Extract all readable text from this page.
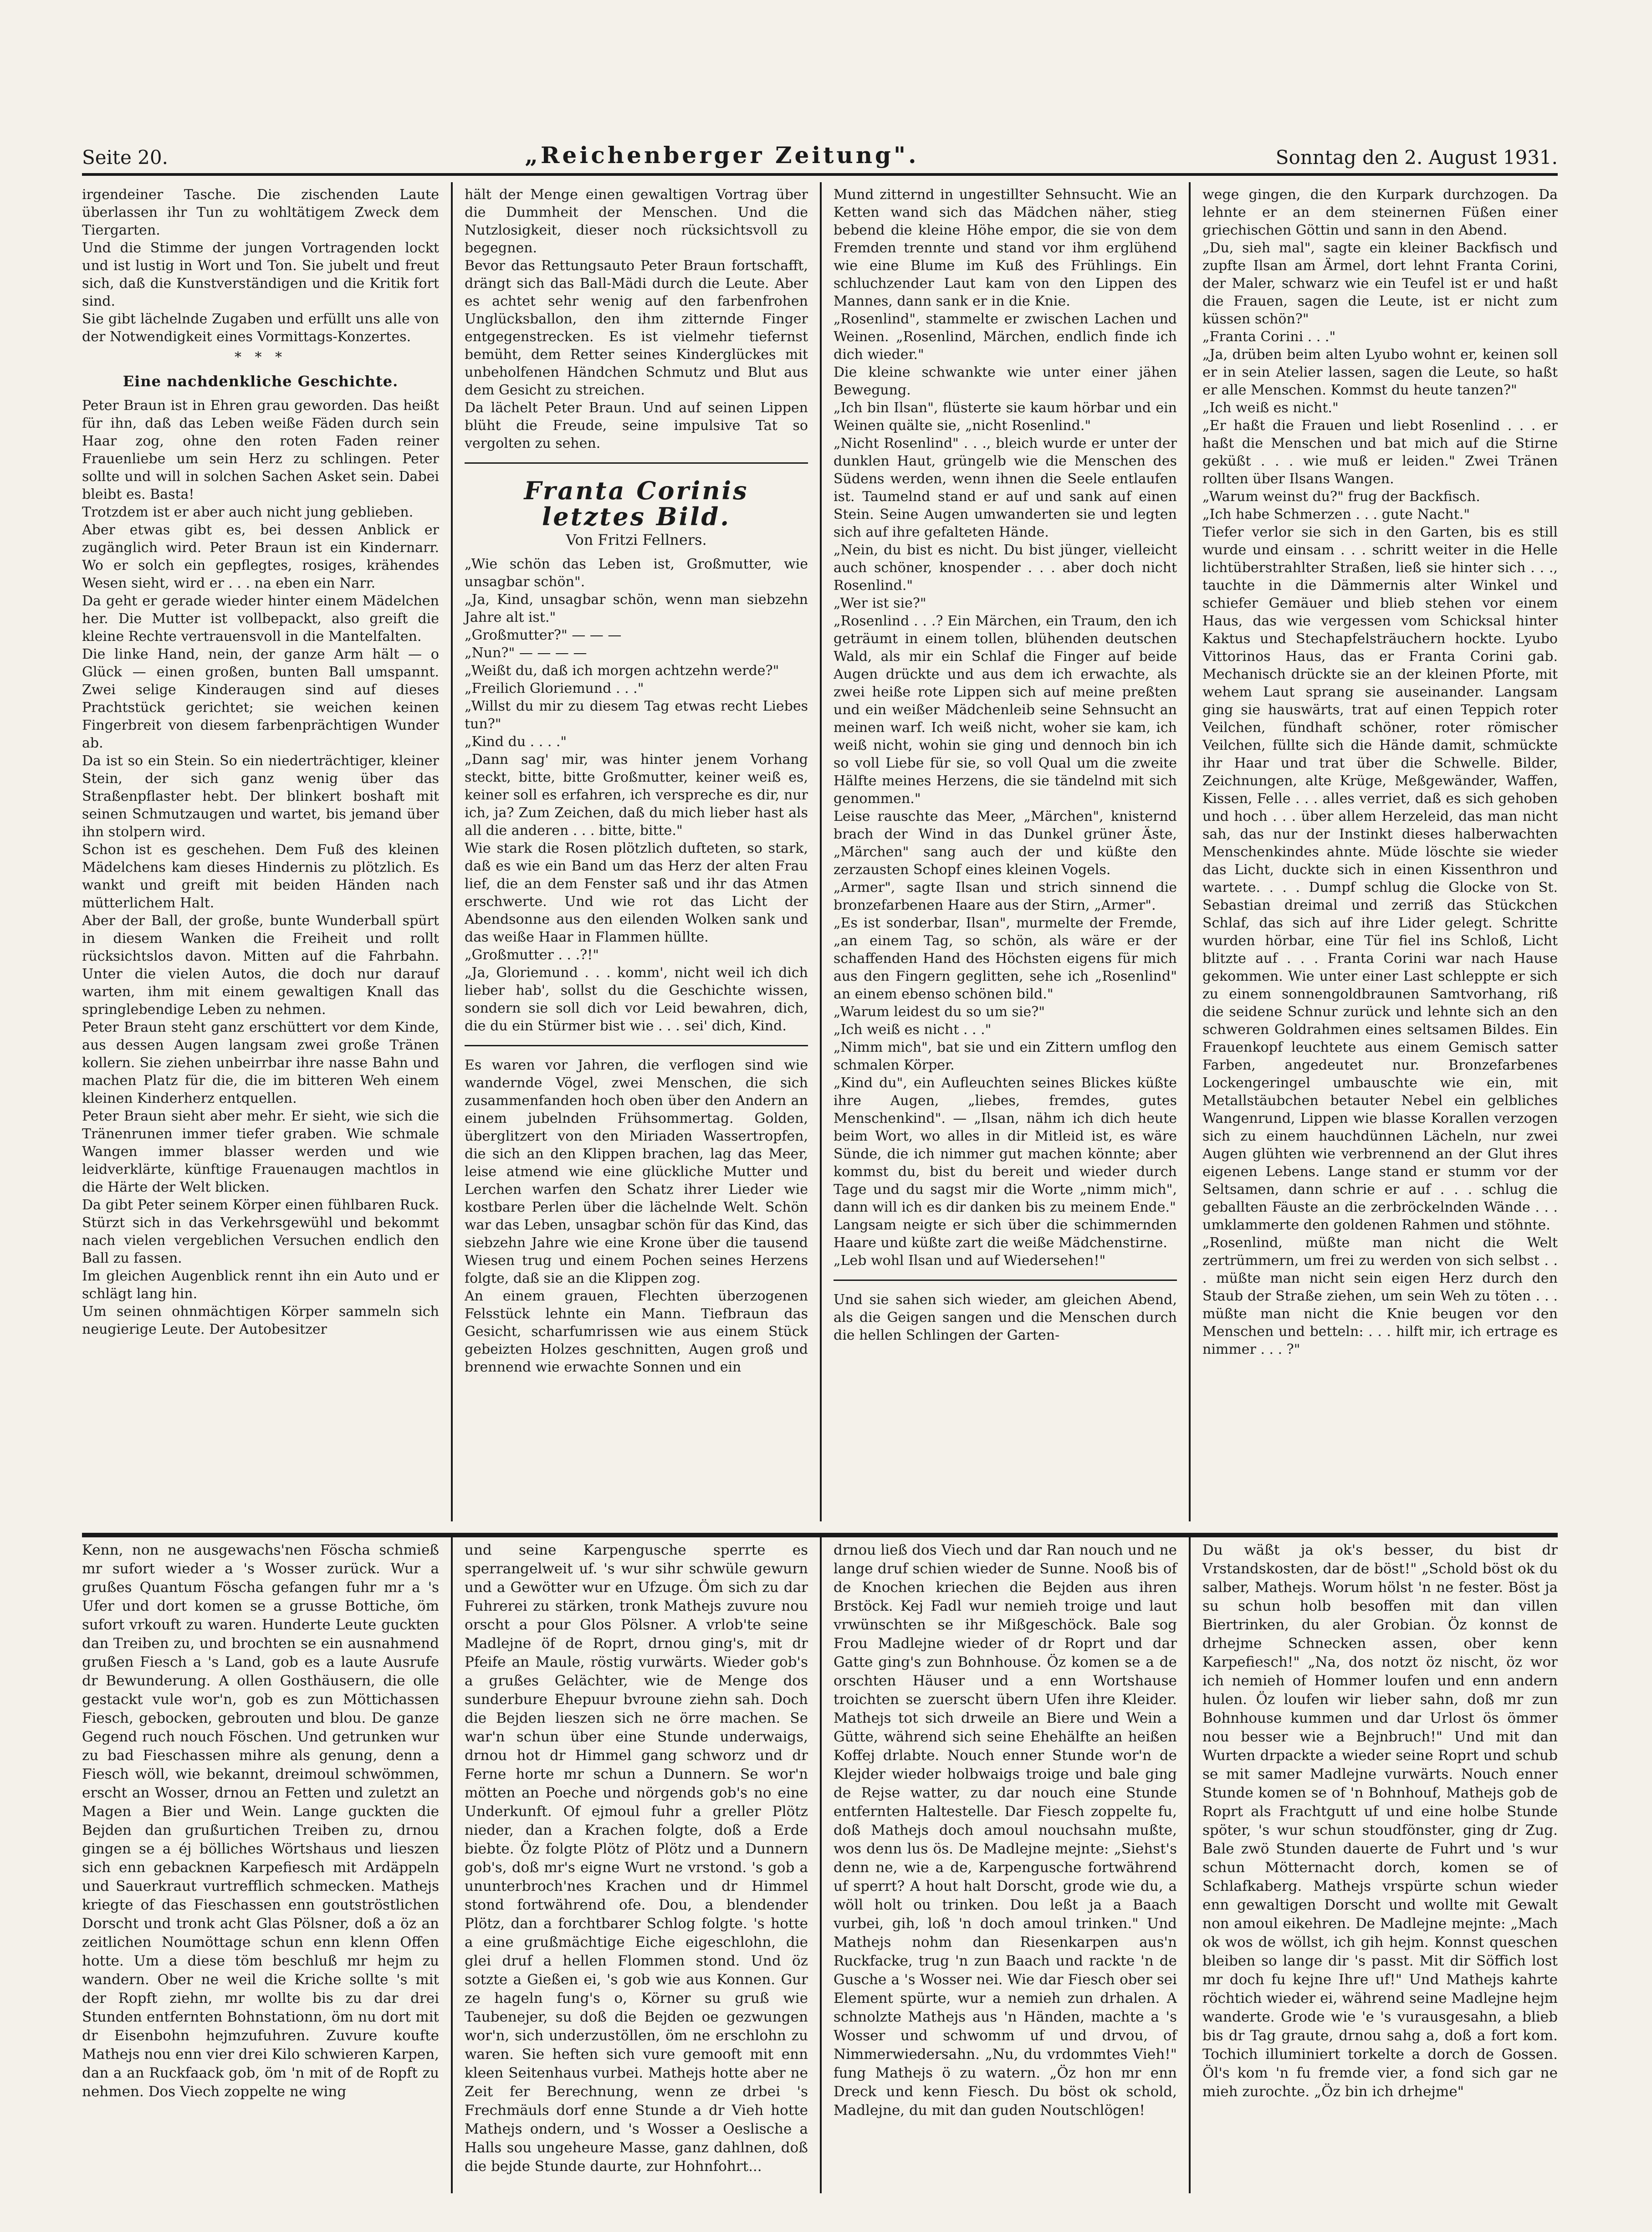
Seite 20.	„Reichenberger Zeitung".	Sonntag den 2. August 1931.

irgendeiner Tasche. Die zischenden Laute überlassen ihr Tun zu wohltätigem Zweck dem Tiergarten.

Und die Stimme der jungen Vortragenden lockt und ist lustig in Wort und Ton. Sie jubelt und freut sich, daß die Kunstverständigen und die Kritik fort sind.

Sie gibt lächelnde Zugaben und erfüllt uns alle von der Notwendigkeit eines Vormittags-Konzertes.

* * *
Eine nachdenkliche Geschichte.

Peter Braun ist in Ehren grau geworden. Das heißt für ihn, daß das Leben weiße Fäden durch sein Haar zog, ohne den roten Faden reiner Frauenliebe um sein Herz zu schlingen. Peter sollte und will in solchen Sachen Asket sein. Dabei bleibt es. Basta!

Trotzdem ist er aber auch nicht jung geblieben.

Aber etwas gibt es, bei dessen Anblick er zugänglich wird. Peter Braun ist ein Kindernarr. Wo er solch ein gepflegtes, rosiges, krähendes Wesen sieht, wird er . . . na eben ein Narr.

Da geht er gerade wieder hinter einem Mädelchen her. Die Mutter ist vollbepackt, also greift die kleine Rechte vertrauensvoll in die Mantelfalten.

Die linke Hand, nein, der ganze Arm hält — o Glück — einen großen, bunten Ball umspannt. Zwei selige Kinderaugen sind auf dieses Prachtstück gerichtet; sie weichen keinen Fingerbreit von diesem farbenprächtigen Wunder ab.

Da ist so ein Stein. So ein niederträchtiger, kleiner Stein, der sich ganz wenig über das Straßenpflaster hebt. Der blinkert boshaft mit seinen Schmutzaugen und wartet, bis jemand über ihn stolpern wird.

Schon ist es geschehen. Dem Fuß des kleinen Mädelchens kam dieses Hindernis zu plötzlich. Es wankt und greift mit beiden Händen nach mütterlichem Halt.

Aber der Ball, der große, bunte Wunderball spürt in diesem Wanken die Freiheit und rollt rücksichtslos davon. Mitten auf die Fahrbahn. Unter die vielen Autos, die doch nur darauf warten, ihm mit einem gewaltigen Knall das springlebendige Leben zu nehmen.

Peter Braun steht ganz erschüttert vor dem Kinde, aus dessen Augen langsam zwei große Tränen kollern. Sie ziehen unbeirrbar ihre nasse Bahn und machen Platz für die, die im bitteren Weh einem kleinen Kinderherz entquellen.

Peter Braun sieht aber mehr. Er sieht, wie sich die Tränenrunen immer tiefer graben. Wie schmale Wangen immer blasser werden und wie leidverklärte, künftige Frauenaugen machtlos in die Härte der Welt blicken.

Da gibt Peter seinem Körper einen fühlbaren Ruck. Stürzt sich in das Verkehrsgewühl und bekommt nach vielen vergeblichen Versuchen endlich den Ball zu fassen.

Im gleichen Augenblick rennt ihn ein Auto und er schlägt lang hin.

Um seinen ohnmächtigen Körper sammeln sich neugierige Leute. Der Autobesitzer

hält der Menge einen gewaltigen Vortrag über die Dummheit der Menschen. Und die Nutzlosigkeit, dieser noch rücksichtsvoll zu begegnen.

Bevor das Rettungsauto Peter Braun fortschafft, drängt sich das Ball-Mädi durch die Leute. Aber es achtet sehr wenig auf den farbenfrohen Unglücksballon, den ihm zitternde Finger entgegenstrecken. Es ist vielmehr tiefernst bemüht, dem Retter seines Kinderglückes mit unbeholfenen Händchen Schmutz und Blut aus dem Gesicht zu streichen.

Da lächelt Peter Braun. Und auf seinen Lippen blüht die Freude, seine impulsive Tat so vergolten zu sehen.

Franta Corinis
letztes Bild.
Von Fritzi Fellners.

„Wie schön das Leben ist, Großmutter, wie unsagbar schön".

„Ja, Kind, unsagbar schön, wenn man siebzehn Jahre alt ist."

„Großmutter?" — — —

„Nun?" — — — —

„Weißt du, daß ich morgen achtzehn werde?"

„Freilich Gloriemund . . ."

„Willst du mir zu diesem Tag etwas recht Liebes tun?"

„Kind du . . . ."

„Dann sag' mir, was hinter jenem Vorhang steckt, bitte, bitte Großmutter, keiner weiß es, keiner soll es erfahren, ich verspreche es dir, nur ich, ja? Zum Zeichen, daß du mich lieber hast als all die anderen . . . bitte, bitte."

Wie stark die Rosen plötzlich dufteten, so stark, daß es wie ein Band um das Herz der alten Frau lief, die an dem Fenster saß und ihr das Atmen erschwerte. Und wie rot das Licht der Abendsonne aus den eilenden Wolken sank und das weiße Haar in Flammen hüllte.

„Großmutter . . .?!"

„Ja, Gloriemund . . . komm', nicht weil ich dich lieber hab', sollst du die Geschichte wissen, sondern sie soll dich vor Leid bewahren, dich, die du ein Stürmer bist wie . . . sei' dich, Kind.

Es waren vor Jahren, die verflogen sind wie wandernde Vögel, zwei Menschen, die sich zusammenfanden hoch oben über den Andern an einem jubelnden Frühsommertag. Golden, überglitzert von den Miriaden Wassertropfen, die sich an den Klippen brachen, lag das Meer, leise atmend wie eine glückliche Mutter und Lerchen warfen den Schatz ihrer Lieder wie kostbare Perlen über die lächelnde Welt. Schön war das Leben, unsagbar schön für das Kind, das siebzehn Jahre wie eine Krone über die tausend Wiesen trug und einem Pochen seines Herzens folgte, daß sie an die Klippen zog.

An einem grauen, Flechten überzogenen Felsstück lehnte ein Mann. Tiefbraun das Gesicht, scharfumrissen wie aus einem Stück gebeizten Holzes geschnitten, Augen groß und brennend wie erwachte Sonnen und ein

Mund zitternd in ungestillter Sehnsucht. Wie an Ketten wand sich das Mädchen näher, stieg bebend die kleine Höhe empor, die sie von dem Fremden trennte und stand vor ihm erglühend wie eine Blume im Kuß des Frühlings. Ein schluchzender Laut kam von den Lippen des Mannes, dann sank er in die Knie.

„Rosenlind", stammelte er zwischen Lachen und Weinen. „Rosenlind, Märchen, endlich finde ich dich wieder."

Die kleine schwankte wie unter einer jähen Bewegung.

„Ich bin Ilsan", flüsterte sie kaum hörbar und ein Weinen quälte sie, „nicht Rosenlind."

„Nicht Rosenlind" . . ., bleich wurde er unter der dunklen Haut, grüngelb wie die Menschen des Südens werden, wenn ihnen die Seele entlaufen ist. Taumelnd stand er auf und sank auf einen Stein. Seine Augen umwanderten sie und legten sich auf ihre gefalteten Hände.

„Nein, du bist es nicht. Du bist jünger, vielleicht auch schöner, knospender . . . aber doch nicht Rosenlind."

„Wer ist sie?"

„Rosenlind . . .? Ein Märchen, ein Traum, den ich geträumt in einem tollen, blühenden deutschen Wald, als mir ein Schlaf die Finger auf beide Augen drückte und aus dem ich erwachte, als zwei heiße rote Lippen sich auf meine preßten und ein weißer Mädchenleib seine Sehnsucht an meinen warf. Ich weiß nicht, woher sie kam, ich weiß nicht, wohin sie ging und dennoch bin ich so voll Liebe für sie, so voll Qual um die zweite Hälfte meines Herzens, die sie tändelnd mit sich genommen."

Leise rauschte das Meer, „Märchen", knisternd brach der Wind in das Dunkel grüner Äste, „Märchen" sang auch der und küßte den zerzausten Schopf eines kleinen Vogels.

„Armer", sagte Ilsan und strich sinnend die bronzefarbenen Haare aus der Stirn, „Armer".

„Es ist sonderbar, Ilsan", murmelte der Fremde, „an einem Tag, so schön, als wäre er der schaffenden Hand des Höchsten eigens für mich aus den Fingern geglitten, sehe ich „Rosenlind" an einem ebenso schönen bild."

„Warum leidest du so um sie?"

„Ich weiß es nicht . . ."

„Nimm mich", bat sie und ein Zittern umflog den schmalen Körper.

„Kind du", ein Aufleuchten seines Blickes küßte ihre Augen, „liebes, fremdes, gutes Menschenkind". — „Ilsan, nähm ich dich heute beim Wort, wo alles in dir Mitleid ist, es wäre Sünde, die ich nimmer gut machen könnte; aber kommst du, bist du bereit und wieder durch Tage und du sagst mir die Worte „nimm mich", dann will ich es dir danken bis zu meinem Ende."

Langsam neigte er sich über die schimmernden Haare und küßte zart die weiße Mädchenstirne.

„Leb wohl Ilsan und auf Wiedersehen!"

Und sie sahen sich wieder, am gleichen Abend, als die Geigen sangen und die Menschen durch die hellen Schlingen der Garten-

wege gingen, die den Kurpark durchzogen. Da lehnte er an dem steinernen Füßen einer griechischen Göttin und sann in den Abend.

„Du, sieh mal", sagte ein kleiner Backfisch und zupfte Ilsan am Ärmel, dort lehnt Franta Corini, der Maler, schwarz wie ein Teufel ist er und haßt die Frauen, sagen die Leute, ist er nicht zum küssen schön?"

„Franta Corini . . ."

„Ja, drüben beim alten Lyubo wohnt er, keinen soll er in sein Atelier lassen, sagen die Leute, so haßt er alle Menschen. Kommst du heute tanzen?"

„Ich weiß es nicht."

„Er haßt die Frauen und liebt Rosenlind . . . er haßt die Menschen und bat mich auf die Stirne geküßt . . . wie muß er leiden." Zwei Tränen rollten über Ilsans Wangen.

„Warum weinst du?" frug der Backfisch.

„Ich habe Schmerzen . . . gute Nacht."

Tiefer verlor sie sich in den Garten, bis es still wurde und einsam . . . schritt weiter in die Helle lichtüberstrahlter Straßen, ließ sie hinter sich . . ., tauchte in die Dämmernis alter Winkel und schiefer Gemäuer und blieb stehen vor einem Haus, das wie vergessen vom Schicksal hinter Kaktus und Stechapfelsträuchern hockte. Lyubo Vittorinos Haus, das er Franta Corini gab. Mechanisch drückte sie an der kleinen Pforte, mit wehem Laut sprang sie auseinander. Langsam ging sie hauswärts, trat auf einen Teppich roter Veilchen, fündhaft schöner, roter römischer Veilchen, füllte sich die Hände damit, schmückte ihr Haar und trat über die Schwelle. Bilder, Zeichnungen, alte Krüge, Meßgewänder, Waffen, Kissen, Felle . . . alles verriet, daß es sich gehoben und hoch . . . über allem Herzeleid, das man nicht sah, das nur der Instinkt dieses halberwachten Menschenkindes ahnte. Müde löschte sie wieder das Licht, duckte sich in einen Kissenthron und wartete. . . . Dumpf schlug die Glocke von St. Sebastian dreimal und zerriß das Stückchen Schlaf, das sich auf ihre Lider gelegt. Schritte wurden hörbar, eine Tür fiel ins Schloß, Licht blitzte auf . . . Franta Corini war nach Hause gekommen. Wie unter einer Last schleppte er sich zu einem sonnengoldbraunen Samtvorhang, riß die seidene Schnur zurück und lehnte sich an den schweren Goldrahmen eines seltsamen Bildes. Ein Frauenkopf leuchtete aus einem Gemisch satter Farben, angedeutet nur. Bronzefarbenes Lockengeringel umbauschte wie ein, mit Metallstäubchen betauter Nebel ein gelbliches Wangenrund, Lippen wie blasse Korallen verzogen sich zu einem hauchdünnen Lächeln, nur zwei Augen glühten wie verbrennend an der Glut ihres eigenen Lebens. Lange stand er stumm vor der Seltsamen, dann schrie er auf . . . schlug die geballten Fäuste an die zerbröckelnden Wände . . . umklammerte den goldenen Rahmen und stöhnte.

„Rosenlind, müßte man nicht die Welt zertrümmern, um frei zu werden von sich selbst . . . müßte man nicht sein eigen Herz durch den Staub der Straße ziehen, um sein Weh zu töten . . . müßte man nicht die Knie beugen vor den Menschen und betteln: . . . hilft mir, ich ertrage es nimmer . . . ?"

Kenn, non ne ausgewachs'nen Föscha schmieß mr sufort wieder a 's Wosser zurück. Wur a grußes Quantum Föscha gefangen fuhr mr a 's Ufer und dort komen se a grusse Bottiche, öm sufort vrkouft zu waren. Hunderte Leute guckten dan Treiben zu, und brochten se ein ausnahmend grußen Fiesch a 's Land, gob es a laute Ausrufe dr Bewunderung. A ollen Gosthäusern, die olle gestackt vule wor'n, gob es zun Möttichassen Fiesch, gebocken, gebrouten und blou. De ganze Gegend ruch nouch Föschen. Und getrunken wur zu bad Fieschassen mihre als genung, denn a Fiesch wöll, wie bekannt, dreimoul schwömmen, erscht an Wosser, drnou an Fetten und zuletzt an Magen a Bier und Wein. Lange guckten die Bejden dan grußurtichen Treiben zu, drnou gingen se a éj bölliches Wörtshaus und lieszen sich enn gebacknen Karpefiesch mit Ardäppeln und Sauerkraut vurtrefflich schmecken. Mathejs kriegte of das Fieschassen enn goutströstlichen Dorscht und tronk acht Glas Pölsner, doß a öz an zeitlichen Noumöttage schun enn klenn Offen hotte. Um a diese töm beschluß mr hejm zu wandern. Ober ne weil die Kriche sollte 's mit der Ropft ziehn, mr wollte bis zu dar drei Stunden entfernten Bohnstationn, öm nu dort mit dr Eisenbohn hejmzufuhren. Zuvure koufte Mathejs nou enn vier drei Kilo schwieren Karpen, dan a an Ruckfaack gob, öm 'n mit of de Ropft zu nehmen. Dos Viech zoppelte ne wing

und seine Karpengusche sperrte es sperrangelweit uf. 's wur sihr schwüle gewurn und a Gewötter wur en Ufzuge. Öm sich zu dar Fuhrerei zu stärken, tronk Mathejs zuvure nou orscht a pour Glos Pölsner. A vrlob'te seine Madlejne öf de Roprt, drnou ging's, mit dr Pfeife an Maule, röstig vurwärts. Wieder gob's a grußes Gelächter, wie de Menge dos sunderbure Ehepuur bvroune ziehn sah. Doch die Bejden lieszen sich ne örre machen. Se war'n schun über eine Stunde underwaigs, drnou hot dr Himmel gang schworz und dr Ferne horte mr schun a Dunnern. Se wor'n mötten an Poeche und nörgends gob's no eine Underkunft. Of ejmoul fuhr a greller Plötz nieder, dan a Krachen folgte, doß a Erde biebte. Öz folgte Plötz of Plötz und a Dunnern gob's, doß mr's eigne Wurt ne vrstond. 's gob a ununterbroch'nes Krachen und dr Himmel stond fortwährend ofe. Dou, a blendender Plötz, dan a forchtbarer Schlog folgte. 's hotte a eine grußmächtige Eiche eigeschlohn, die glei druf a hellen Flommen stond. Und öz sotzte a Gießen ei, 's gob wie aus Konnen. Gur ze hageln fung's o, Körner su gruß wie Taubenejer, su doß die Bejden oe gezwungen wor'n, sich underzustöllen, öm ne erschlohn zu waren. Sie heften sich vure gemooft mit enn kleen Seitenhaus vurbei. Mathejs hotte aber ne Zeit fer Berechnung, wenn ze drbei 's Frechmäuls dorf enne Stunde a dr Vieh hotte Mathejs ondern, und 's Wosser a Oeslische a Halls sou ungeheure Masse, ganz dahlnen, doß die bejde Stunde daurte, zur Hohnfohrt...

drnou ließ dos Viech und dar Ran nouch und ne lange druf schien wieder de Sunne. Nooß bis of de Knochen kriechen die Bejden aus ihren Brstöck. Kej Fadl wur nemieh troige und laut vrwünschten se ihr Mißgeschöck. Bale sog Frou Madlejne wieder of dr Roprt und dar Gatte ging's zun Bohnhouse. Öz komen se a de orschten Häuser und a enn Wortshause troichten se zuerscht übern Ufen ihre Kleider. Mathejs tot sich drweile an Biere und Wein a Gütte, während sich seine Ehehälfte an heißen Koffej drlabte. Nouch enner Stunde wor'n de Klejder wieder holbwaigs troige und bale ging de Rejse watter, zu dar nouch eine Stunde entfernten Haltestelle. Dar Fiesch zoppelte fu, doß Mathejs doch amoul nouchsahn mußte, wos denn lus ös. De Madlejne mejnte: „Siehst's denn ne, wie a de, Karpengusche fortwährend uf sperrt? A hout halt Dorscht, grode wie du, a wöll holt ou trinken. Dou leßt ja a Baach vurbei, gih, loß 'n doch amoul trinken." Und Mathejs nohm dan Riesenkarpen aus'n Ruckfacke, trug 'n zun Baach und rackte 'n de Gusche a 's Wosser nei. Wie dar Fiesch ober sei Element spürte, wur a nemieh zun drhalen. A schnolzte Mathejs aus 'n Händen, machte a 's Wosser und schwomm uf und drvou, of Nimmerwiedersahn. „Nu, du vrdommtes Vieh!" fung Mathejs ö zu watern. „Öz hon mr enn Dreck und kenn Fiesch. Du böst ok schold, Madlejne, du mit dan guden Noutschlögen!

Du wäßt ja ok's besser, du bist dr Vrstandskosten, dar de böst!" „Schold böst ok du salber, Mathejs. Worum hölst 'n ne fester. Böst ja su schun holb besoffen mit dan villen Biertrinken, du aler Grobian. Öz konnst de drhejme Schnecken assen, ober kenn Karpefiesch!" „Na, dos notzt öz nischt, öz wor ich nemieh of Hommer loufen und enn andern hulen. Öz loufen wir lieber sahn, doß mr zun Bohnhouse kummen und dar Urlost ös ömmer nou besser wie a Bejnbruch!" Und mit dan Wurten drpackte a wieder seine Roprt und schub se mit samer Madlejne vurwärts. Nouch enner Stunde komen se of 'n Bohnhouf, Mathejs gob de Roprt als Frachtgutt uf und eine holbe Stunde spöter, 's wur schun stoudfönster, ging dr Zug. Bale zwö Stunden dauerte de Fuhrt und 's wur schun Mötternacht dorch, komen se of Schlafkaberg. Mathejs vrspürte schun wieder enn gewaltigen Dorscht und wollte mit Gewalt non amoul eikehren. De Madlejne mejnte: „Mach ok wos de wöllst, ich gih hejm. Konnst queschen bleiben so lange dir 's passt. Mit dir Söffich lost mr doch fu kejne Ihre uf!" Und Mathejs kahrte röchtich wieder ei, während seine Madlejne hejm wanderte. Grode wie 'e 's vurausgesahn, a blieb bis dr Tag graute, drnou sahg a, doß a fort kom. Tochich illuminiert torkelte a dorch de Gossen. Öl's kom 'n fu fremde vier, a fond sich gar ne mieh zurochte. „Öz bin ich drhejme"
